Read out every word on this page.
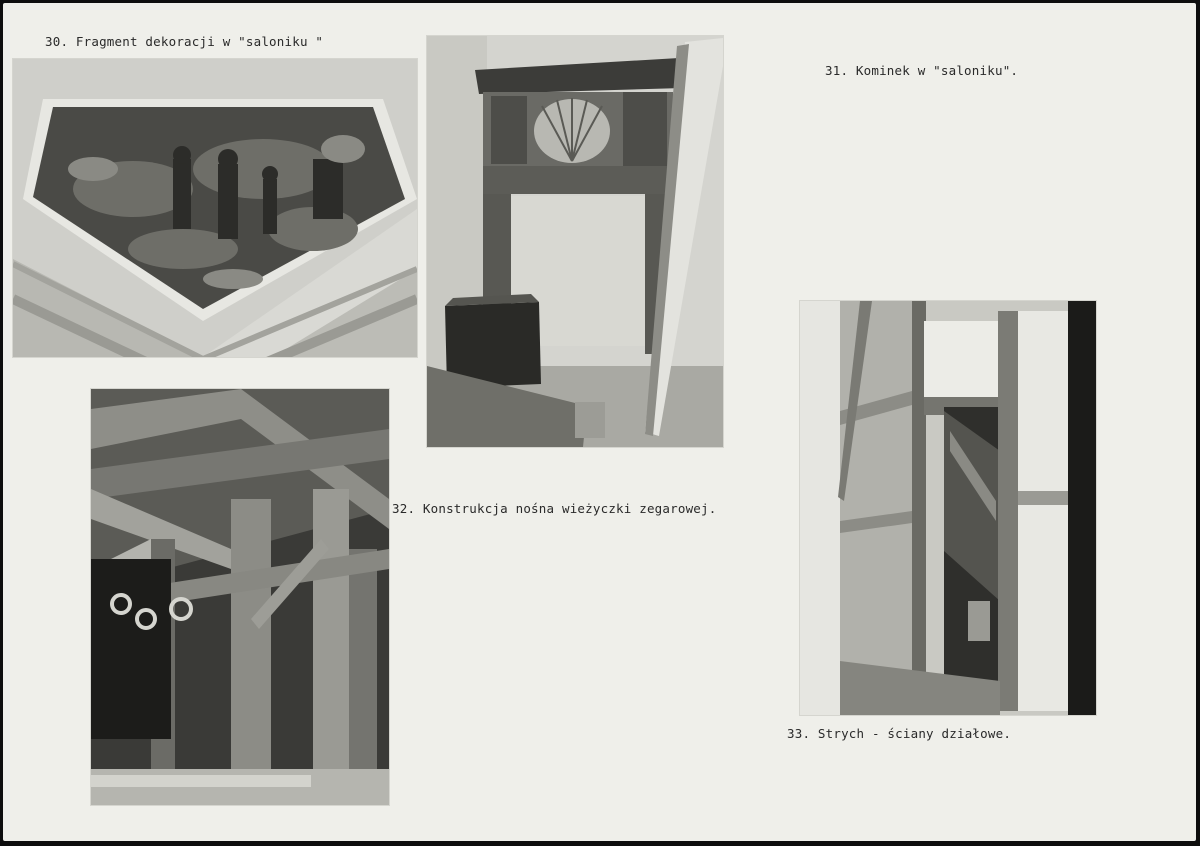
30. Fragment dekoracji w "saloniku "
31. Kominek w "saloniku".
32. Konstrukcja nośna wieżyczki zegarowej.
33. Strych - ściany działowe.
